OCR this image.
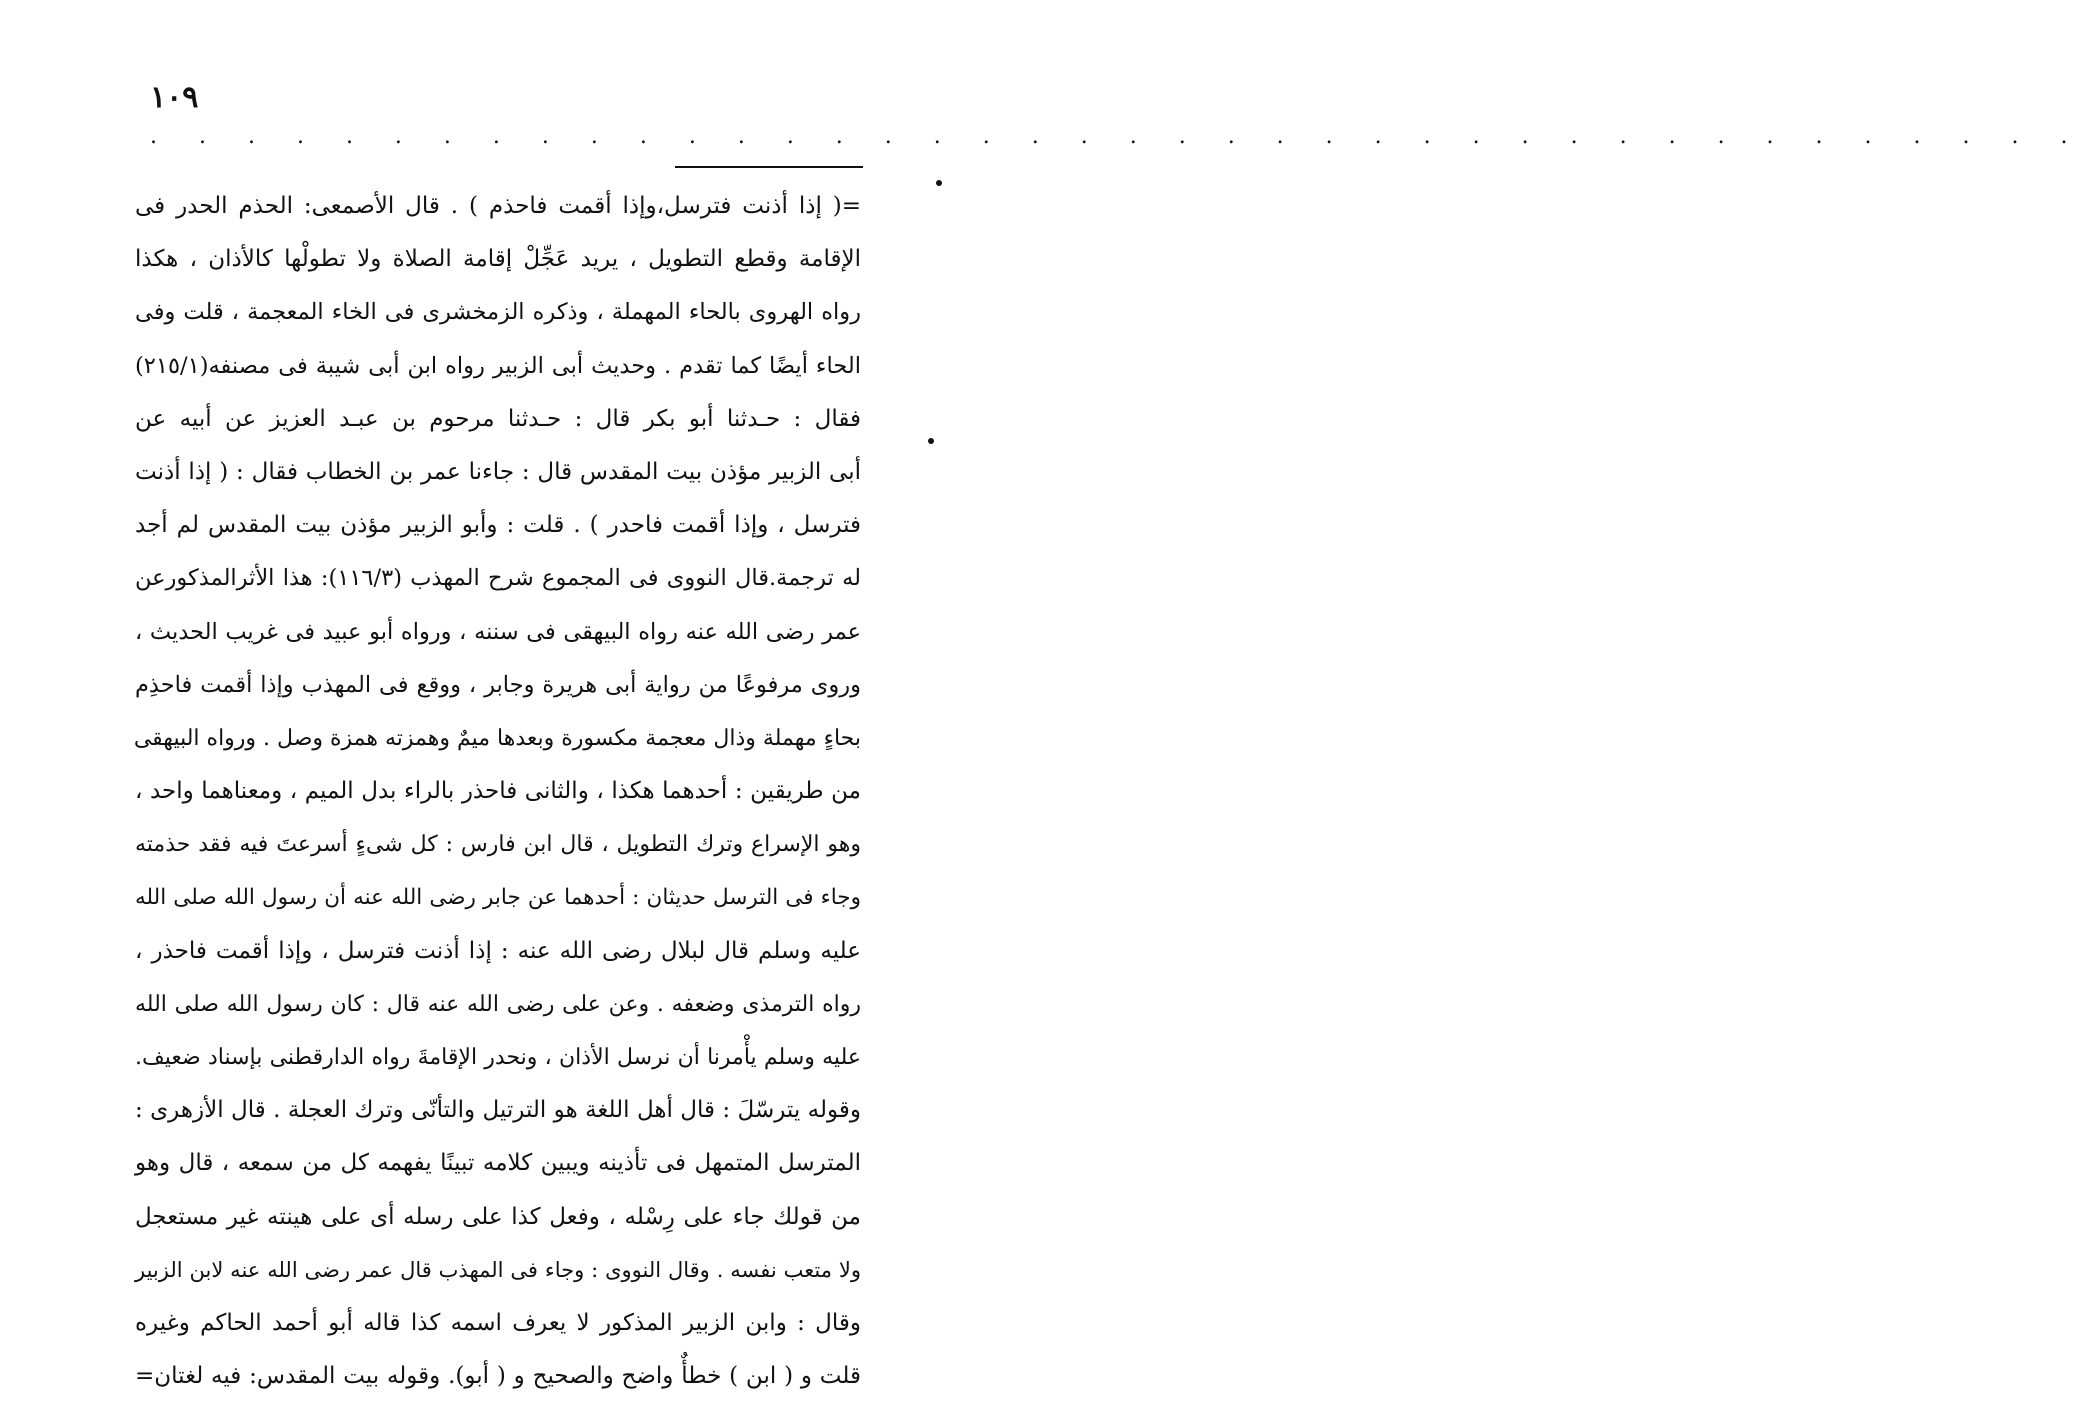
١٠٩
. . . . . . . . . . . . . . . . . . . . . . . . . . . . . . . . . . . . . . . .
=( إذا أذنت فترسل،وإذا أقمت فاحذم ) . قال الأصمعى: الحذم الحدر فى
الإقامة وقطع التطويل ، يريد عَجِّلْ إقامة الصلاة ولا تطولْها كالأذان ، هكذا
رواه الهروى بالحاء المهملة ، وذكره الزمخشرى فى الخاء المعجمة ، قلت وفى
الحاء أيضًا كما تقدم . وحديث أبى الزبير رواه ابن أبى شيبة فى مصنفه(٢١٥/١)
فقال : حـدثنا أبو بكر قال : حـدثنا مرحوم بن عبـد العزيز عن أبيه عن
أبى الزبير مؤذن بيت المقدس قال : جاءنا عمر بن الخطاب فقال : ( إذا أذنت
فترسل ، وإذا أقمت فاحدر ) . قلت : وأبو الزبير مؤذن بيت المقدس لم أجد
له ترجمة.قال النووى فى المجموع شرح المهذب (١١٦/٣): هذا الأثرالمذكورعن
عمر رضى الله عنه رواه البيهقى فى سننه ، ورواه أبو عبيد فى غريب الحديث ،
وروى مرفوعًا من رواية أبى هريرة وجابر ، ووقع فى المهذب وإذا أقمت فاحذِم
بحاءٍ مهملة وذال معجمة مكسورة وبعدها ميمٌ وهمزته همزة وصل . ورواه البيهقى
من طريقين : أحدهما هكذا ، والثانى فاحذر بالراء بدل الميم ، ومعناهما واحد ،
وهو الإسراع وترك التطويل ، قال ابن فارس : كل شىءٍ أسرعتَ فيه فقد حذمته
وجاء فى الترسل حديثان : أحدهما عن جابر رضى الله عنه أن رسول الله صلى الله
عليه وسلم قال لبلال رضى الله عنه : إذا أذنت فترسل ، وإذا أقمت فاحذر ،
رواه الترمذى وضعفه . وعن على رضى الله عنه قال : كان رسول الله صلى الله
عليه وسلم يأْمرنا أن نرسل الأذان ، ونحدر الإقامةَ رواه الدارقطنى بإسناد ضعيف.
وقوله يترسّلَ : قال أهل اللغة هو الترتيل والتأنّى وترك العجلة . قال الأزهرى :
المترسل المتمهل فى تأذينه ويبين كلامه تبينًا يفهمه كل من سمعه ، قال وهو
من قولك جاء على رِسْله ، وفعل كذا على رسله أى على هينته غير مستعجل
ولا متعب نفسه . وقال النووى : وجاء فى المهذب قال عمر رضى الله عنه لابن الزبير
وقال : وابن الزبير المذكور لا يعرف اسمه كذا قاله أبو أحمد الحاكم وغيره
قلت و ( ابن ) خطأٌ واضح والصحيح و ( أبو). وقوله بيت المقدس: فيه لغتان=
